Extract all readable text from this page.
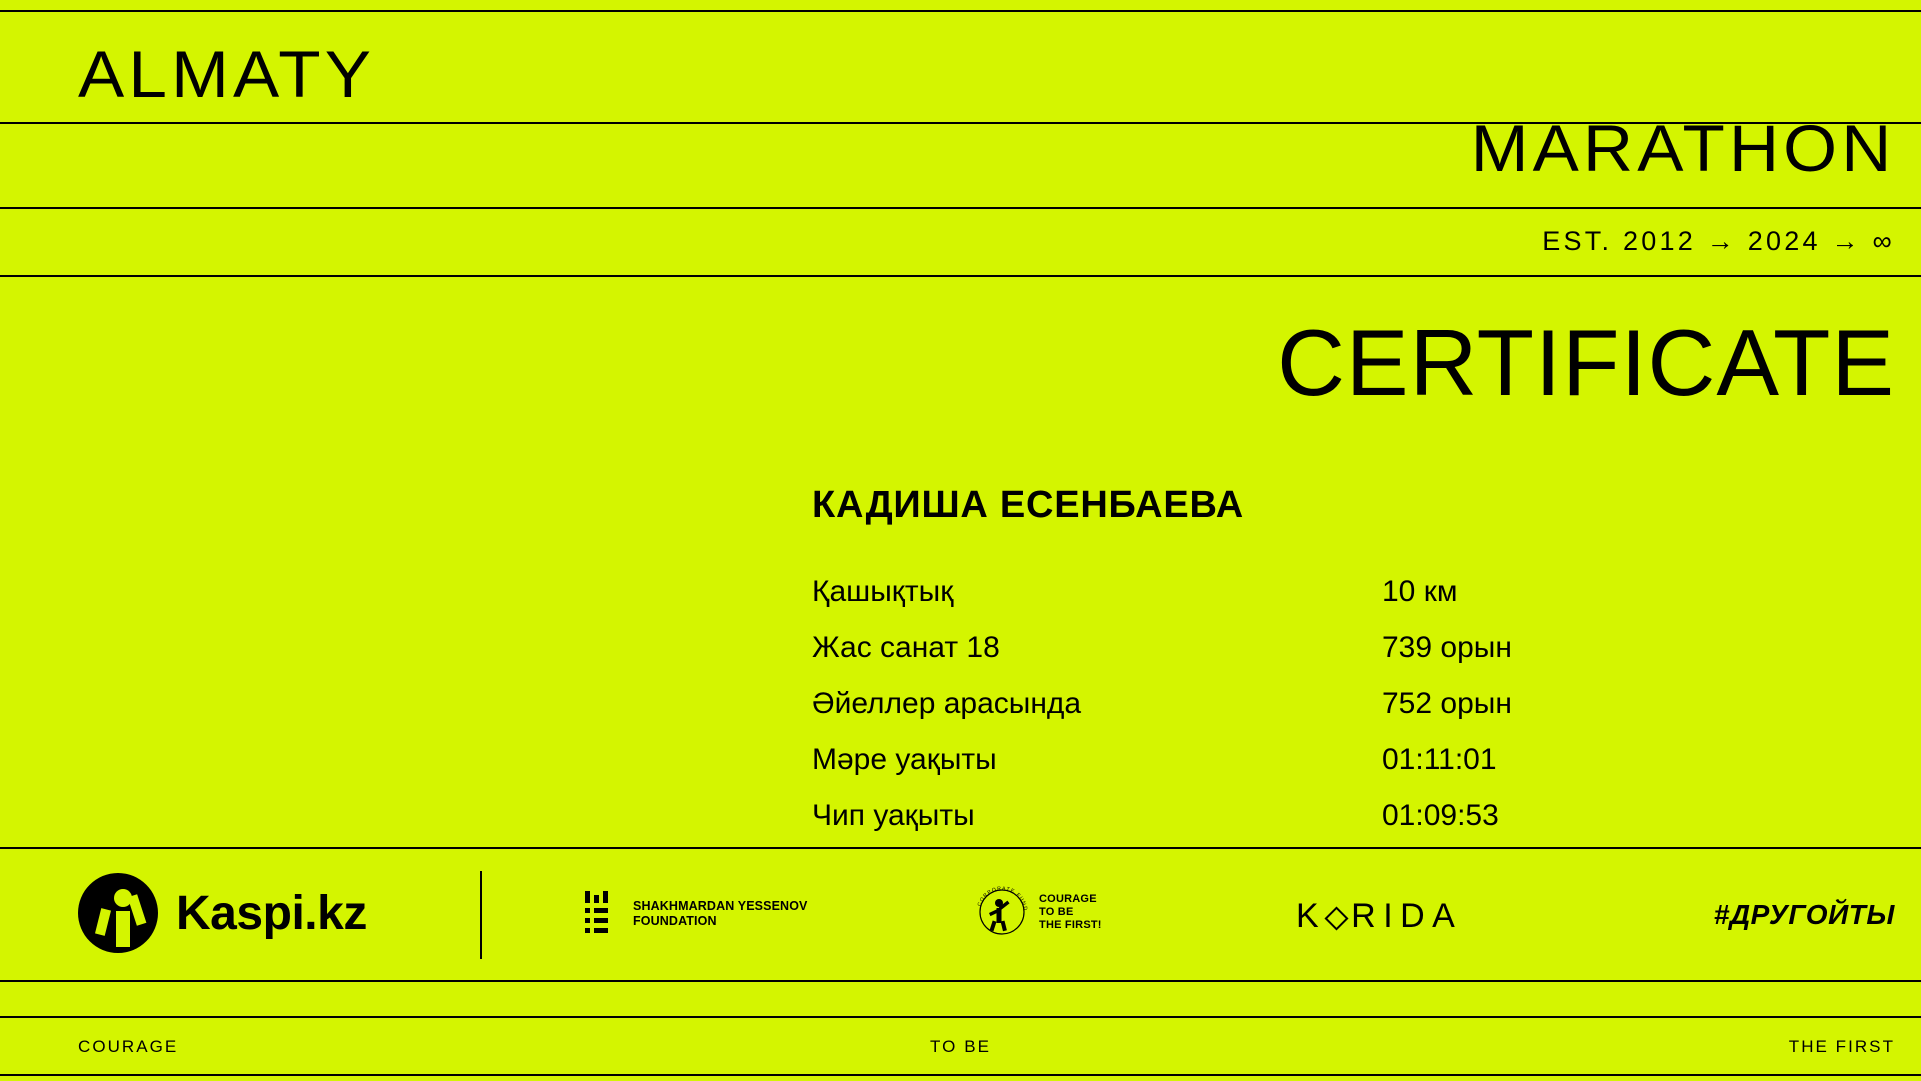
ALMATY
MARATHON
EST. 2012 → 2024 → ∞
CERTIFICATE
КАДИША ЕСЕНБАЕВА
Қашықтық	10 км
Жас санат 18	739 орын
Әйеллер арасында	752 орын
Мәре уақыты	01:11:01
Чип уақыты	01:09:53
Kaspi.kz	SHAKHMARDAN YESSENOV
FOUNDATION
CORPORATE FUND
COURAGE
TO BE
THE FIRST!	K RIDA	#ДРУГОЙТЫ
COURAGE	TO BE	THE FIRST
